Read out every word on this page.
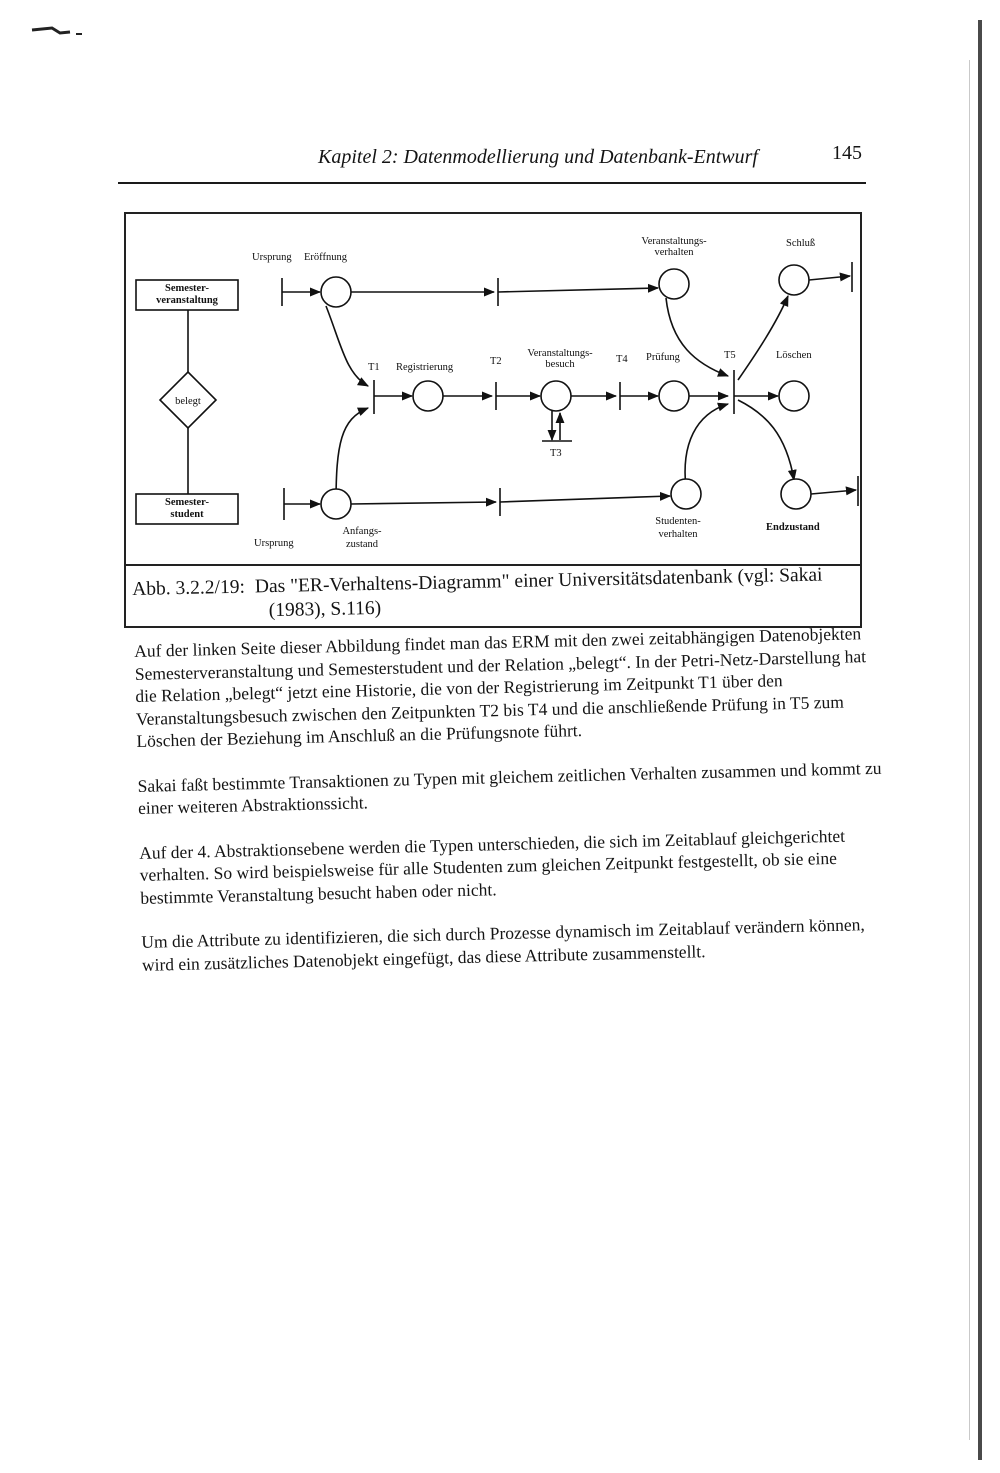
Kapitel 2: Datenmodellierung und Datenbank-Entwurf	145
Semester-veranstaltung
belegt
Semester-student
Ursprung Eröffnung
Veranstaltungs-verhalten
Schluß
T1 Registrierung
T2
Veranstaltungs-besuch	T4 Prüfung	T5	Löschen
T3
Ursprung
Anfangs-zustand
Studenten-verhalten
Endzustand
Abb. 3.2.2/19: Das "ER-Verhaltens-Diagramm" einer Universitätsdatenbank (vgl: Sakai
(1983), S.116)

Auf der linken Seite dieser Abbildung findet man das ERM mit den zwei zeitabhängigen Datenobjekten Semesterveranstaltung und Semesterstudent und der Relation „belegt“. In der Petri-Netz-Darstellung hat die Relation „belegt“ jetzt eine Historie, die von der Registrierung im Zeitpunkt T1 über den Veranstaltungsbesuch zwischen den Zeitpunkten T2 bis T4 und die anschließende Prüfung in T5 zum Löschen der Beziehung im Anschluß an die Prüfungsnote führt.

Sakai faßt bestimmte Transaktionen zu Typen mit gleichem zeitlichen Verhalten zusammen und kommt zu einer weiteren Abstraktionssicht.

Auf der 4. Abstraktionsebene werden die Typen unterschieden, die sich im Zeitablauf gleichgerichtet verhalten. So wird beispielsweise für alle Studenten zum gleichen Zeitpunkt festgestellt, ob sie eine bestimmte Veranstaltung besucht haben oder nicht.

Um die Attribute zu identifizieren, die sich durch Prozesse dynamisch im Zeitablauf verändern können, wird ein zusätzliches Datenobjekt eingefügt, das diese Attribute zusammenstellt.
